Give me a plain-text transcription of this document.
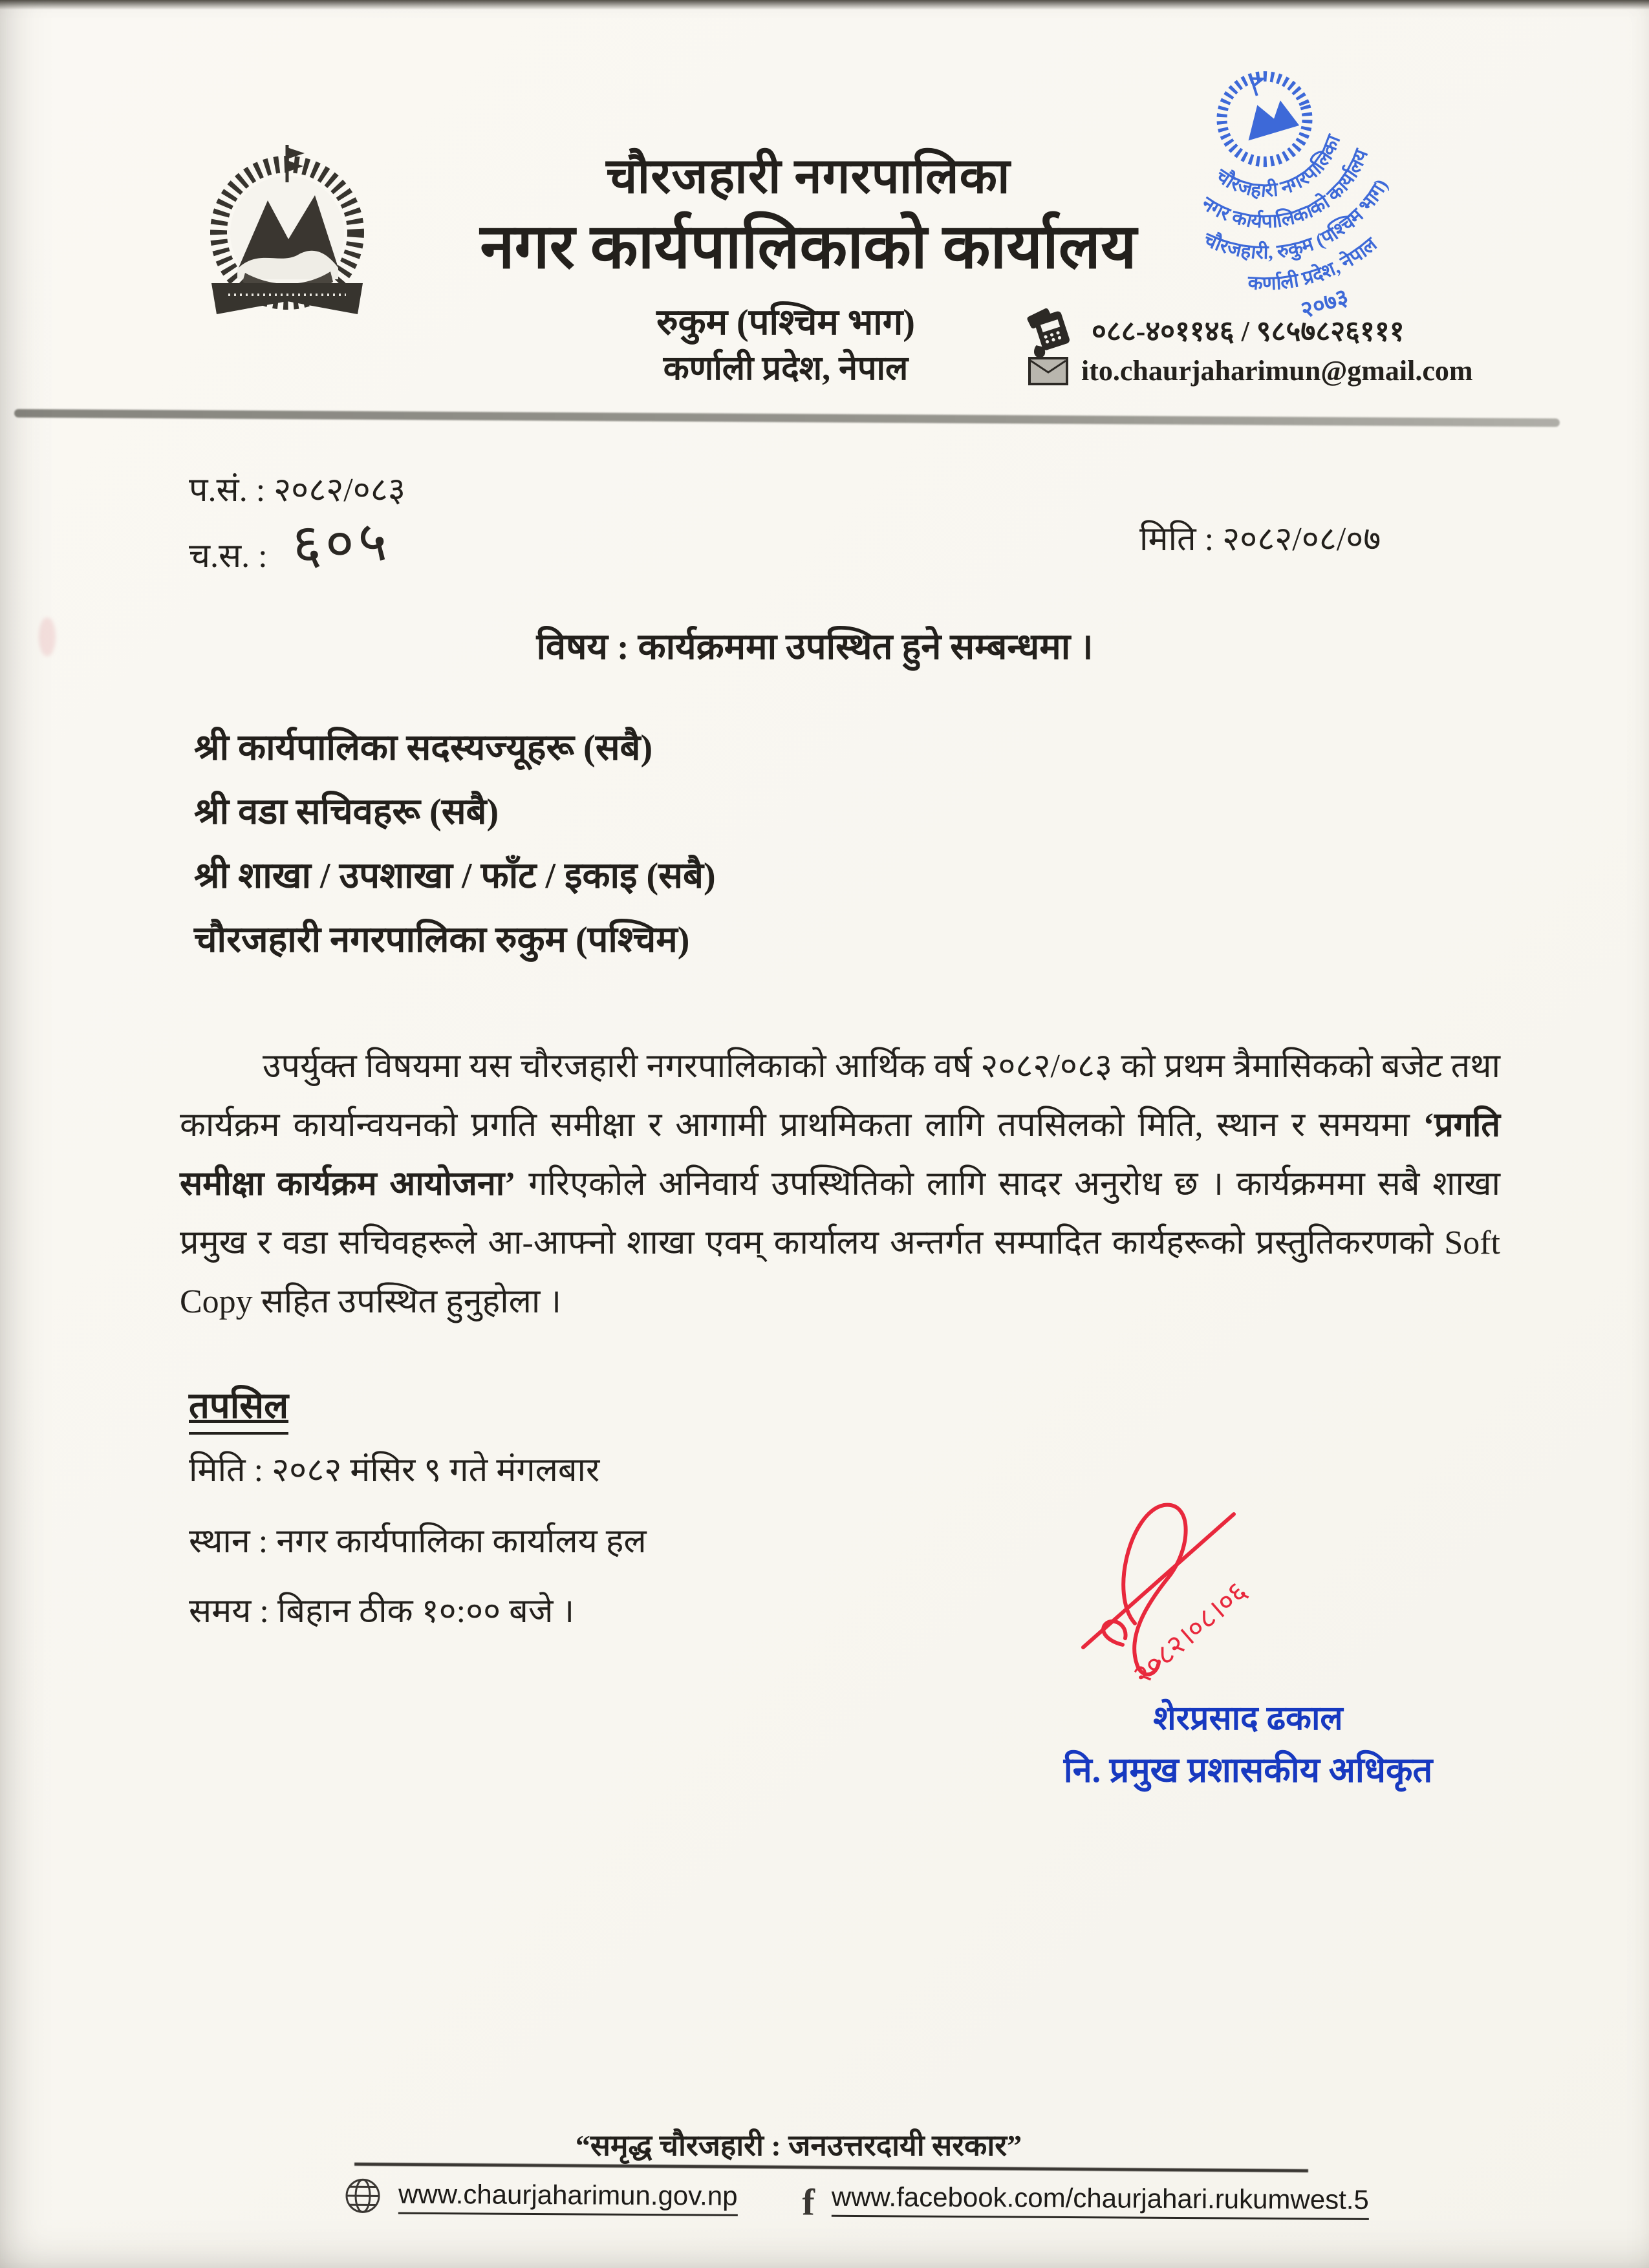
चौरजहारी नगरपालिका
नगर कार्यपालिकाको कार्यालय
चौरजहारी, रुकुम (पश्चिम भाग)
कर्णाली प्रदेश, नेपाल
२०७३
चौरजहारी नगरपालिका
नगर कार्यपालिकाको कार्यालय
रुकुम (पश्चिम भाग)
कर्णाली प्रदेश, नेपाल
०८८-४०११४६ / ९८५७८२६१११
ito.chaurjaharimun@gmail.com
प.सं. : २०८२/०८३
च.स. : ६०५	मिति : २०८२/०८/०७
विषय : कार्यक्रममा उपस्थित हुने सम्बन्धमा ।
श्री कार्यपालिका सदस्यज्यूहरू (सबै)
श्री वडा सचिवहरू (सबै)
श्री शाखा / उपशाखा / फाँट / इकाइ (सबै)
चौरजहारी नगरपालिका रुकुम (पश्चिम)

उपर्युक्त विषयमा यस चौरजहारी नगरपालिकाको आर्थिक वर्ष २०८२/०८३ को प्रथम त्रैमासिकको बजेट तथा कार्यक्रम कार्यान्वयनको प्रगति समीक्षा र आगामी प्राथमिकता लागि तपसिलको मिति, स्थान र समयमा ‘प्रगति समीक्षा कार्यक्रम आयोजना’ गरिएकोले अनिवार्य उपस्थितिको लागि सादर अनुरोध छ । कार्यक्रममा सबै शाखा प्रमुख र वडा सचिवहरूले आ-आफ्नो शाखा एवम् कार्यालय अन्तर्गत सम्पादित कार्यहरूको प्रस्तुतिकरणको Soft Copy सहित उपस्थित हुनुहोला ।

तपसिल
मिति : २०८२ मंसिर ९ गते मंगलबार
स्थान : नगर कार्यपालिका कार्यालय हल
समय : बिहान ठीक १०:०० बजे ।	२०८२।०८।०६
शेरप्रसाद ढकाल
नि. प्रमुख प्रशासकीय अधिकृत
“समृद्ध चौरजहारी : जनउत्तरदायी सरकार”
www.chaurjaharimun.gov.np f www.facebook.com/chaurjahari.rukumwest.5
